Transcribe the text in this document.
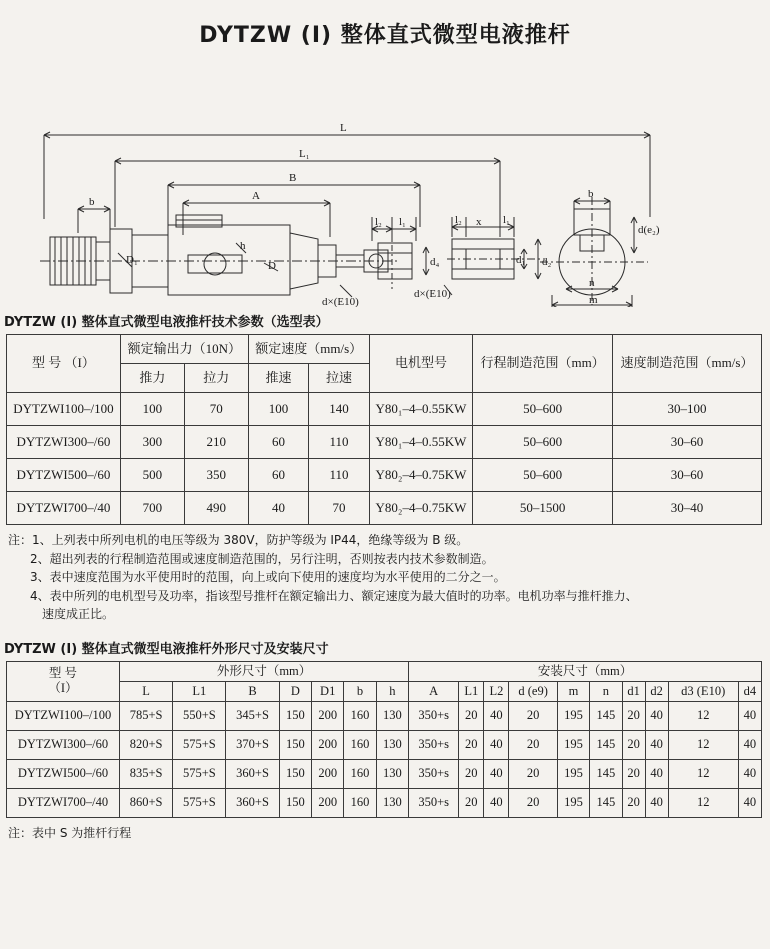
DYTZW (I) 整体直式微型电液推杆
L
L₁
B
A
b
D₁
h
D
l₂ l₁	l₂	l₁
x
d₄	d₁ d₂
b
d(e₂)
n
m
d×(E10)
d×(E10)
DYTZW (I) 整体直式微型电液推杆技术参数（选型表）
型 号 （I）	额定输出力（10N）		额定速度（mm/s）		电机型号	行程制造范围（mm）	速度制造范围（mm/s）
	推力	拉力	推速	拉速			
DYTZWI100–/100	100	70	100	140	Y80₁–4–0.55KW	50–600	30–100
DYTZWI300–/60	300	210	60	110	Y80₁–4–0.55KW	50–600	30–60
DYTZWI500–/60	500	350	60	110	Y80₂–4–0.75KW	50–600	30–60
DYTZWI700–/40	700	490	40	70	Y80₂–4–0.75KW	50–1500	30–40
注：1、上列表中所列电机的电压等级为 380V，防护等级为 IP44，绝缘等级为 B 级。
2、超出列表的行程制造范围或速度制造范围的，另行注明，否则按表内技术参数制造。
3、表中速度范围为水平使用时的范围，向上或向下使用的速度均为水平使用的二分之一。
4、表中所列的电机型号及功率，指该型号推杆在额定输出力、额定速度为最大值时的功率。电机功率与推杆推力、
速度成正比。
DYTZW (I) 整体直式微型电液推杆外形尺寸及安装尺寸
型 号
（I）	外形尺寸（mm）							安装尺寸（mm）									
	L	L1	B	D	D1	b	h	A	L1	L2	d (e9)	m	n	d1	d2	d3 (E10)	d4
DYTZWI100–/100	785+S	550+S	345+S	150	200	160	130	350+s	20	40	20	195	145	20	40	12	40
DYTZWI300–/60	820+S	575+S	370+S	150	200	160	130	350+s	20	40	20	195	145	20	40	12	40
DYTZWI500–/60	835+S	575+S	360+S	150	200	160	130	350+s	20	40	20	195	145	20	40	12	40
DYTZWI700–/40	860+S	575+S	360+S	150	200	160	130	350+s	20	40	20	195	145	20	40	12	40
注：表中 S 为推杆行程
